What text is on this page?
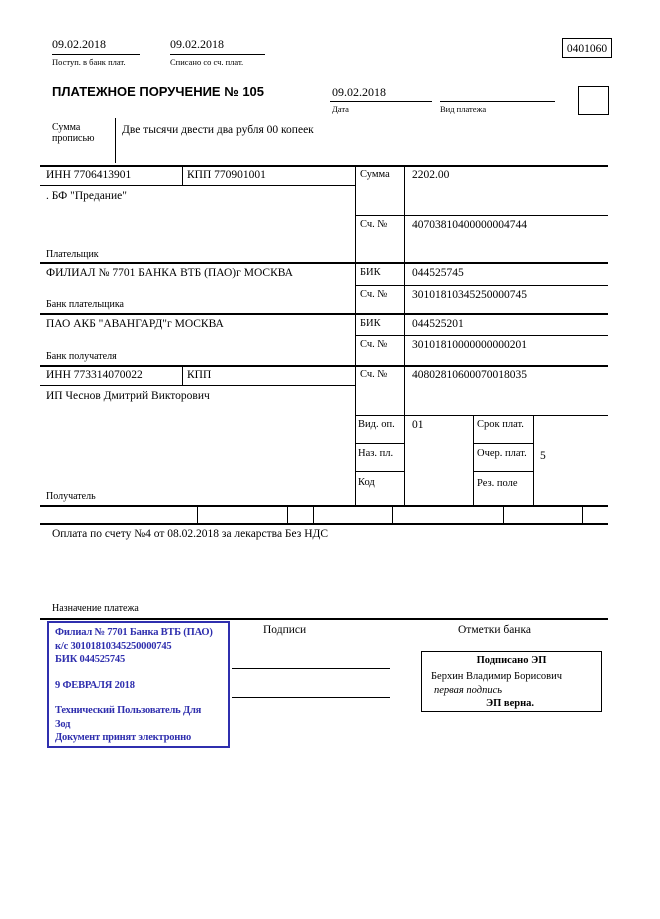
09.02.2018
Поступ. в банк плат.
09.02.2018
Списано со сч. плат.
0401060
ПЛАТЕЖНОЕ ПОРУЧЕНИЕ № 105	09.02.2018
Дата	Вид платежа
Сумма прописью
Две тысячи двести два рубля 00 копеек
ИНН 7706413901	КПП 770901001	Сумма 2202.00
. БФ "Предание"
Сч. № 40703810400000004744
Плательщик
ФИЛИАЛ № 7701 БАНКА ВТБ (ПАО)г МОСКВА	БИК	044525745
Сч. № 30101810345250000745
Банк плательщика
ПАО АКБ "АВАНГАРД"г МОСКВА	БИК	044525201
Сч. № 30101810000000000201
Банк получателя
ИНН 773314070022	КПП	Сч. № 40802810600070018035
ИП Чеснов Дмитрий Викторович
Получатель
Вид. оп. 01	Срок плат.
Наз. пл.	Очер. плат. 5
Код	Рез. поле
Оплата по счету №4 от 08.02.2018 за лекарства Без НДС
Назначение платежа
Филиал № 7701 Банка ВТБ (ПАО)
к/с 30101810345250000745
БИК 044525745
9 ФЕВРАЛЯ 2018
Технический Пользователь Для
Зод
Документ принят электронно
Подписи	Отметки банка
Подписано ЭП
Берхин Владимир Борисович
первая подпись
ЭП верна.
